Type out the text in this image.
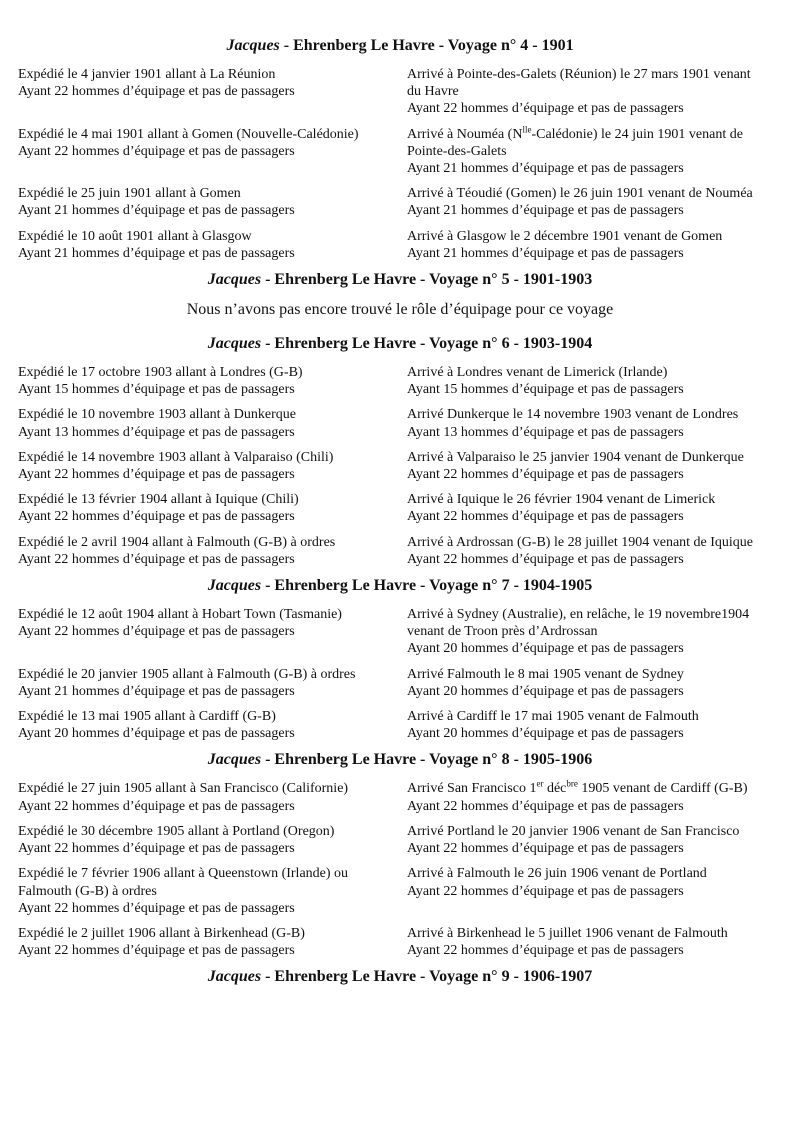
Jacques - Ehrenberg Le Havre - Voyage n° 4 - 1901
Expédié le 4 janvier 1901 allant à La Réunion
Ayant 22 hommes d’équipage et pas de passagers
Arrivé à Pointe-des-Galets (Réunion) le 27 mars 1901 venant
du Havre
Ayant 22 hommes d’équipage et pas de passagers
Expédié le 4 mai 1901 allant à Gomen (Nouvelle-Calédonie)
Ayant 22 hommes d’équipage et pas de passagers
Arrivé à Nouméa $(N^{lle}-Calédonie)$ le 24 juin 1901 venant de
Pointe-des-Galets
Ayant 21 hommes d’équipage et pas de passagers
Expédié le 25 juin 1901 allant à Gomen
Ayant 21 hommes d’équipage et pas de passagers
Arrivé à Téoudié (Gomen) le 26 juin 1901 venant de Nouméa
Ayant 21 hommes d’équipage et pas de passagers
Expédié le 10 août 1901 allant à Glasgow
Ayant 21 hommes d’équipage et pas de passagers
Arrivé à Glasgow le 2 décembre 1901 venant de Gomen
Ayant 21 hommes d’équipage et pas de passagers
Jacques - Ehrenberg Le Havre - Voyage n° 5 - 1901-1903
Nous n’avons pas encore trouvé le rôle d’équipage pour ce voyage
Jacques - Ehrenberg Le Havre - Voyage n° 6 - 1903-1904
Expédié le 17 octobre 1903 allant à Londres (G-B)
Ayant 15 hommes d’équipage et pas de passagers
Arrivé à Londres venant de Limerick (Irlande)
Ayant 15 hommes d’équipage et pas de passagers
Expédié le 10 novembre 1903 allant à Dunkerque
Ayant 13 hommes d’équipage et pas de passagers
Arrivé Dunkerque le 14 novembre 1903 venant de Londres
Ayant 13 hommes d’équipage et pas de passagers
Expédié le 14 novembre 1903 allant à Valparaiso (Chili)
Ayant 22 hommes d’équipage et pas de passagers
Arrivé à Valparaiso le 25 janvier 1904 venant de Dunkerque
Ayant 22 hommes d’équipage et pas de passagers
Expédié le 13 février 1904 allant à Iquique (Chili)
Ayant 22 hommes d’équipage et pas de passagers
Arrivé à Iquique le 26 février 1904 venant de Limerick
Ayant 22 hommes d’équipage et pas de passagers
Expédié le 2 avril 1904 allant à Falmouth (G-B) à ordres
Ayant 22 hommes d’équipage et pas de passagers
Arrivé à Ardrossan (G-B) le 28 juillet 1904 venant de Iquique
Ayant 22 hommes d’équipage et pas de passagers
Jacques - Ehrenberg Le Havre - Voyage n° 7 - 1904-1905
Expédié le 12 août 1904 allant à Hobart Town (Tasmanie)
Ayant 22 hommes d’équipage et pas de passagers
Arrivé à Sydney (Australie), en relâche, le 19 novembre1904
venant de Troon près d’Ardrossan
Ayant 20 hommes d’équipage et pas de passagers
Expédié le 20 janvier 1905 allant à Falmouth (G-B) à ordres
Ayant 21 hommes d’équipage et pas de passagers
Arrivé Falmouth le 8 mai 1905 venant de Sydney
Ayant 20 hommes d’équipage et pas de passagers
Expédié le 13 mai 1905 allant à Cardiff (G-B)
Ayant 20 hommes d’équipage et pas de passagers
Arrivé à Cardiff le 17 mai 1905 venant de Falmouth
Ayant 20 hommes d’équipage et pas de passagers
Jacques - Ehrenberg Le Havre - Voyage n° 8 - 1905-1906
Expédié le 27 juin 1905 allant à San Francisco (Californie)
Ayant 22 hommes d’équipage et pas de passagers
Arrivé San Francisco 1er déc$^{bre}$ 1905 venant de Cardiff (G-B)
Ayant 22 hommes d’équipage et pas de passagers
Expédié le 30 décembre 1905 allant à Portland (Oregon)
Ayant 22 hommes d’équipage et pas de passagers
Arrivé Portland le 20 janvier 1906 venant de San Francisco
Ayant 22 hommes d’équipage et pas de passagers
Expédié le 7 février 1906 allant à Queenstown (Irlande) ou
Falmouth (G-B) à ordres
Ayant 22 hommes d’équipage et pas de passagers
Arrivé à Falmouth le 26 juin 1906 venant de Portland
Ayant 22 hommes d’équipage et pas de passagers
Expédié le 2 juillet 1906 allant à Birkenhead (G-B)
Ayant 22 hommes d’équipage et pas de passagers
Arrivé à Birkenhead le 5 juillet 1906 venant de Falmouth
Ayant 22 hommes d’équipage et pas de passagers
Jacques - Ehrenberg Le Havre - Voyage n° 9 - 1906-1907
